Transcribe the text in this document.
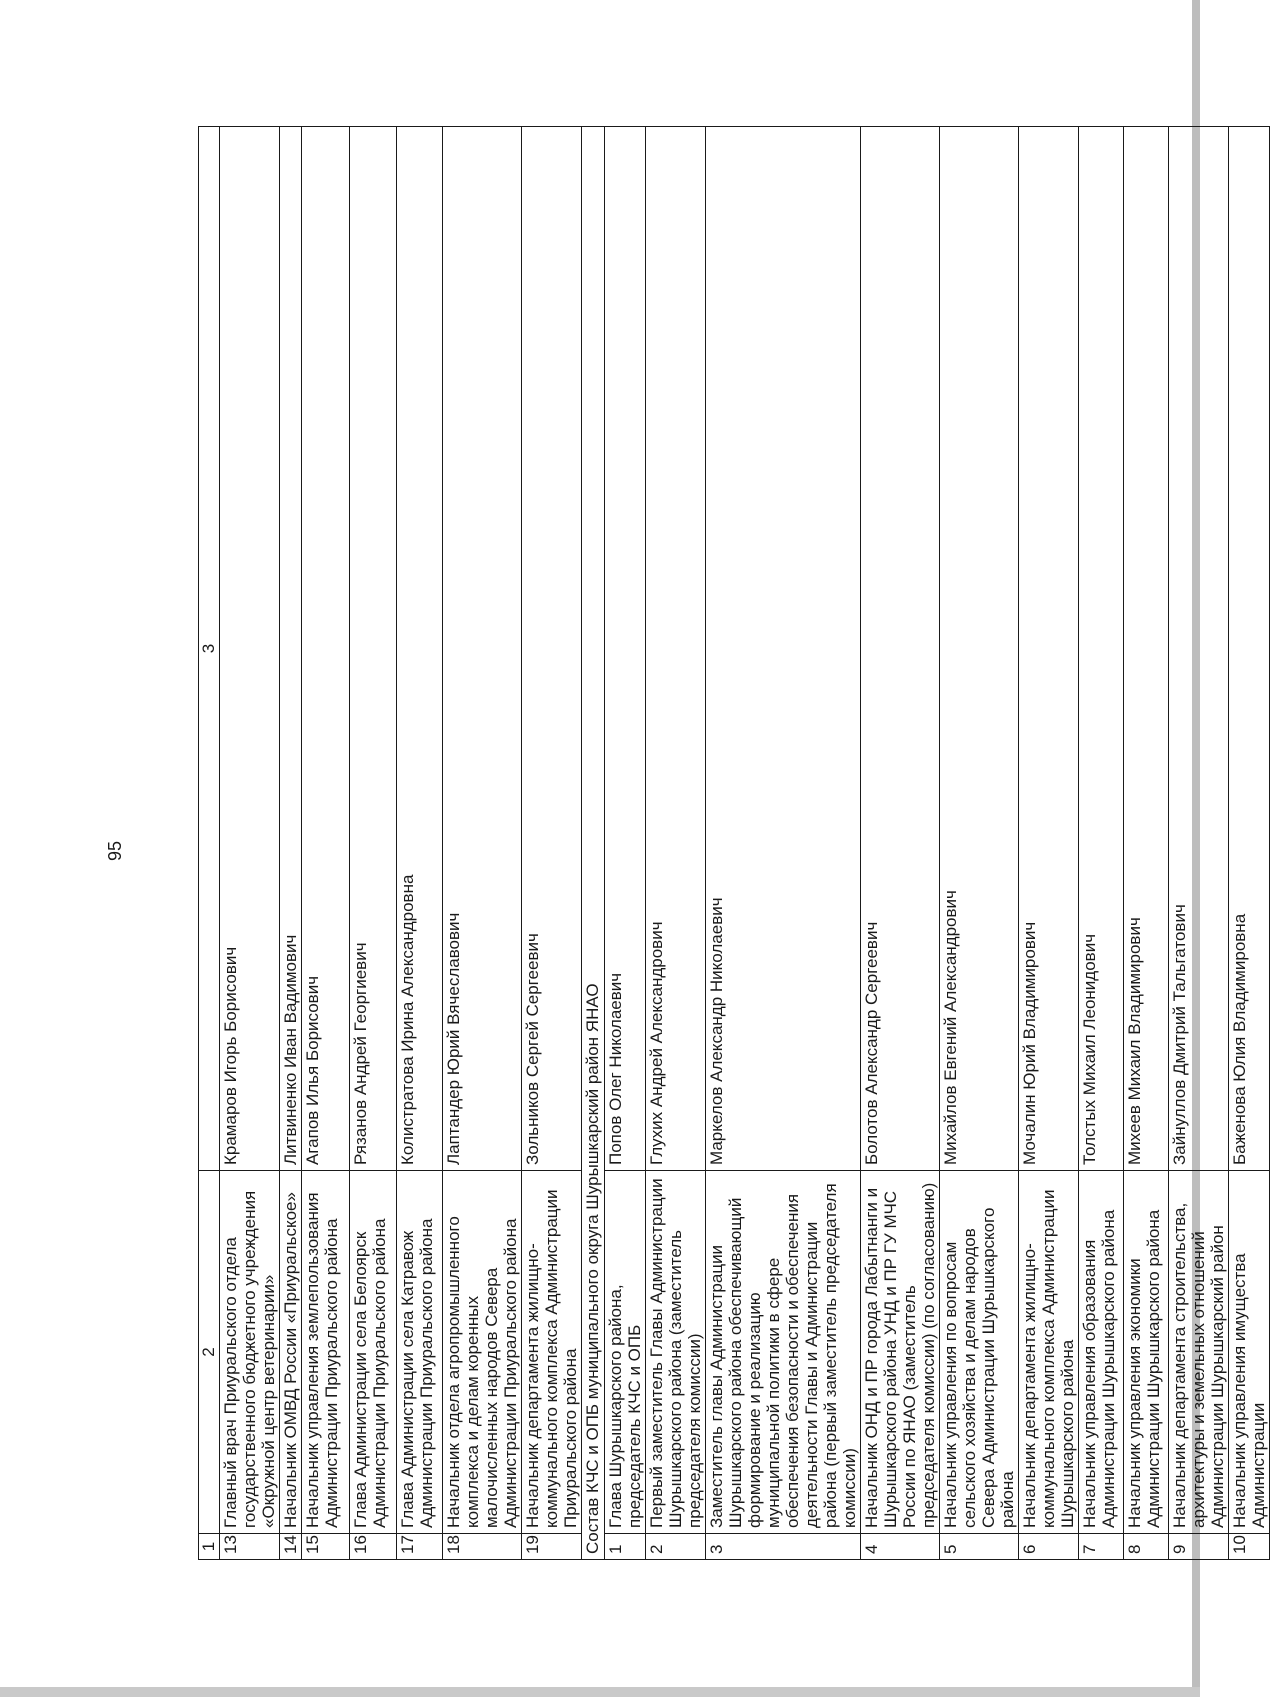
95
1	2	3
13	Главный врач Приуральского отдела государственного бюджетного учреждения «Окружной центр ветеринарии»	Крамаров Игорь Борисович
14	Начальник ОМВД России «Приуральское»	Литвиненко Иван Вадимович
15	Начальник управления землепользования Администрации Приуральского района	Агапов Илья Борисович
16	Глава Администрации села Белоярск Администрации Приуральского района	Рязанов Андрей Георгиевич
17	Глава Администрации села Катравож Администрации Приуральского района	Колистратова Ирина Александровна
18	Начальник отдела агропромышленного комплекса и делам коренных малочисленных народов Севера Администрации Приуральского района	Лаптандер Юрий Вячеславович
19	Начальник департамента жилищно-коммунального комплекса Администрации Приуральского района	Зольников Сергей Сергеевич
Состав КЧС и ОПБ муниципального округа Шурышкарский район ЯНАО		
1	Глава Шурышкарского района, председатель КЧС и ОПБ	Попов Олег Николаевич
2	Первый заместитель Главы Администрации Шурышкарского района (заместитель председателя комиссии)	Глухих Андрей Александрович
3	Заместитель главы Администрации Шурышкарского района обеспечивающий формирование и реализацию муниципальной политики в сфере обеспечения безопасности и обеспечения деятельности Главы и Администрации района (первый заместитель председателя комиссии)	Маркелов Александр Николаевич
4	Начальник ОНД и ПР города Лабытнанги и Шурышкарского района УНД и ПР ГУ МЧС России по ЯНАО (заместитель председателя комиссии) (по согласованию)	Болотов Александр Сергеевич
5	Начальник управления по вопросам сельского хозяйства и делам народов Севера Администрации Шурышкарского района	Михайлов Евгений Александрович
6	Начальник департамента жилищно-коммунального комплекса Администрации Шурышкарского района	Мочалин Юрий Владимирович
7	Начальник управления образования Администрации Шурышкарского района	Толстых Михаил Леонидович
8	Начальник управления экономики Администрации Шурышкарского района	Михеев Михаил Владимирович
9	Начальник департамента строительства, архитектуры и земельных отношений Администрации Шурышкарский район	Зайнуллов Дмитрий Тальгатович
10	Начальник управления имущества Администрации	Баженова Юлия Владимировна
